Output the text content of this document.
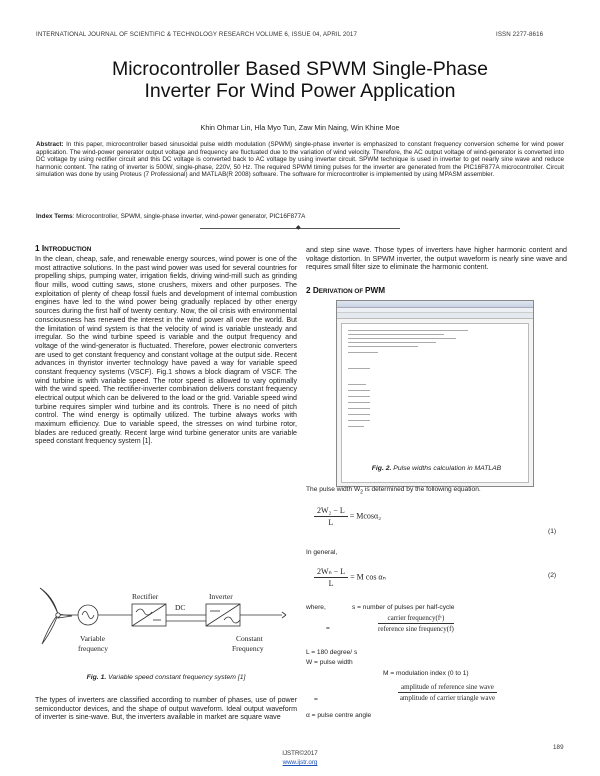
INTERNATIONAL JOURNAL OF SCIENTIFIC & TECHNOLOGY RESEARCH VOLUME 6, ISSUE 04, APRIL 2017	ISSN 2277-8616
Microcontroller Based SPWM Single-Phase
Inverter For Wind Power Application
Khin Ohmar Lin, Hla Myo Tun, Zaw Min Naing, Win Khine Moe
Abstract: In this paper, microcontroller based sinusoidal pulse width modulation (SPWM) single-phase inverter is emphasized to constant frequency conversion scheme for wind power application. The wind-power generator output voltage and frequency are fluctuated due to the variation of wind velocity. Therefore, the AC output voltage of wind-generator is converted into DC voltage by using rectifier circuit and this DC voltage is converted back to AC voltage by using inverter circuit. SPWM technique is used in inverter to get nearly sine wave and reduce harmonic content. The rating of inverter is 500W, single-phase, 220V, 50 Hz. The required SPWM timing pulses for the inverter are generated from the PIC16F877A microcontroller. Circuit simulation was done by using Proteus (7 Professional) and MATLAB(R 2008) software. The software for microcontroller is implemented by using MPASM assembler.
Index Terms: Microcontroller, SPWM, single-phase inverter, wind-power generator, PIC16F877A
◆
1 INTRODUCTION
In the clean, cheap, safe, and renewable energy sources, wind power is one of the most attractive solutions. In the past wind power was used for several countries for propelling ships, pumping water, irrigation fields, driving wind-mill such as grinding flour mills, wood cutting saws, stone crushers, mixers and other purposes. The exploitation of plenty of cheap fossil fuels and development of internal combustion engines have led to the wind power being gradually replaced by other energy sources during the first half of twenty century. Now, the oil crisis with environmental consciousness has renewed the interest in the wind power all over the world. But the limitation of wind system is that the velocity of wind is variable unsteady and irregular. So the wind turbine speed is variable and the output frequency and voltage of the wind-generator is fluctuated. Therefore, power electronic converters are used to get constant frequency and constant voltage at the output side. Recent advances in thyristor inverter technology have paved a way for variable speed constant frequency systems (VSCF). Fig.1 shows a block diagram of VSCF. The wind turbine is with variable speed. The rotor speed is allowed to vary optimally with the wind speed. The rectifier-inverter combination delivers constant frequency electrical output which can be delivered to the load or the grid. Variable speed wind turbine requires simpler wind turbine and its controls. There is no need of pitch control. The wind energy is optimally utilized. The turbine always works with maximum efficiency. Due to variable speed, the stresses on wind turbine rotor, blades are reduced greatly. Recent large wind turbine generator units are variable speed constant frequency system [1].
Rectifier
DC
Inverter
Variable
frequency
Constant
Frequency
Fig. 1. Variable speed constant frequency system [1]
The types of inverters are classified according to number of phases, use of power semiconductor devices, and the shape of output waveform. Ideal output waveform of inverter is sine-wave. But, the inverters available in market are square wave
and step sine wave. Those types of inverters have higher harmonic content and voltage distortion. In SPWM inverter, the output waveform is nearly sine wave and requires small filter size to eliminate the harmonic content.
2 DERIVATION OF PWM
Fig. 2. Pulse widths calculation in MATLAB
The pulse width $W_2$ is determined by the following equation.
$\frac{\text{2W₂ − L}}{L} = Mcos\alpha_2$
(1)
In general,
$\frac{\text{2Wₙ − L}}{L} = M$ cos αₙ	(2)
where,	s = number of pulses per half-cycle
=	$\frac{\text{carrier frequency(fᶜ)}}{\text{reference sine frequency(f)}}$
L = 180 degree/ s
W = pulse width
M = modulation index (0 to 1)
=	$\frac{\text{amplitude of reference sine wave}}{\text{amplitude of carrier triangle wave}}$
α = pulse centre angle
189
IJSTR©2017
www.ijstr.org
